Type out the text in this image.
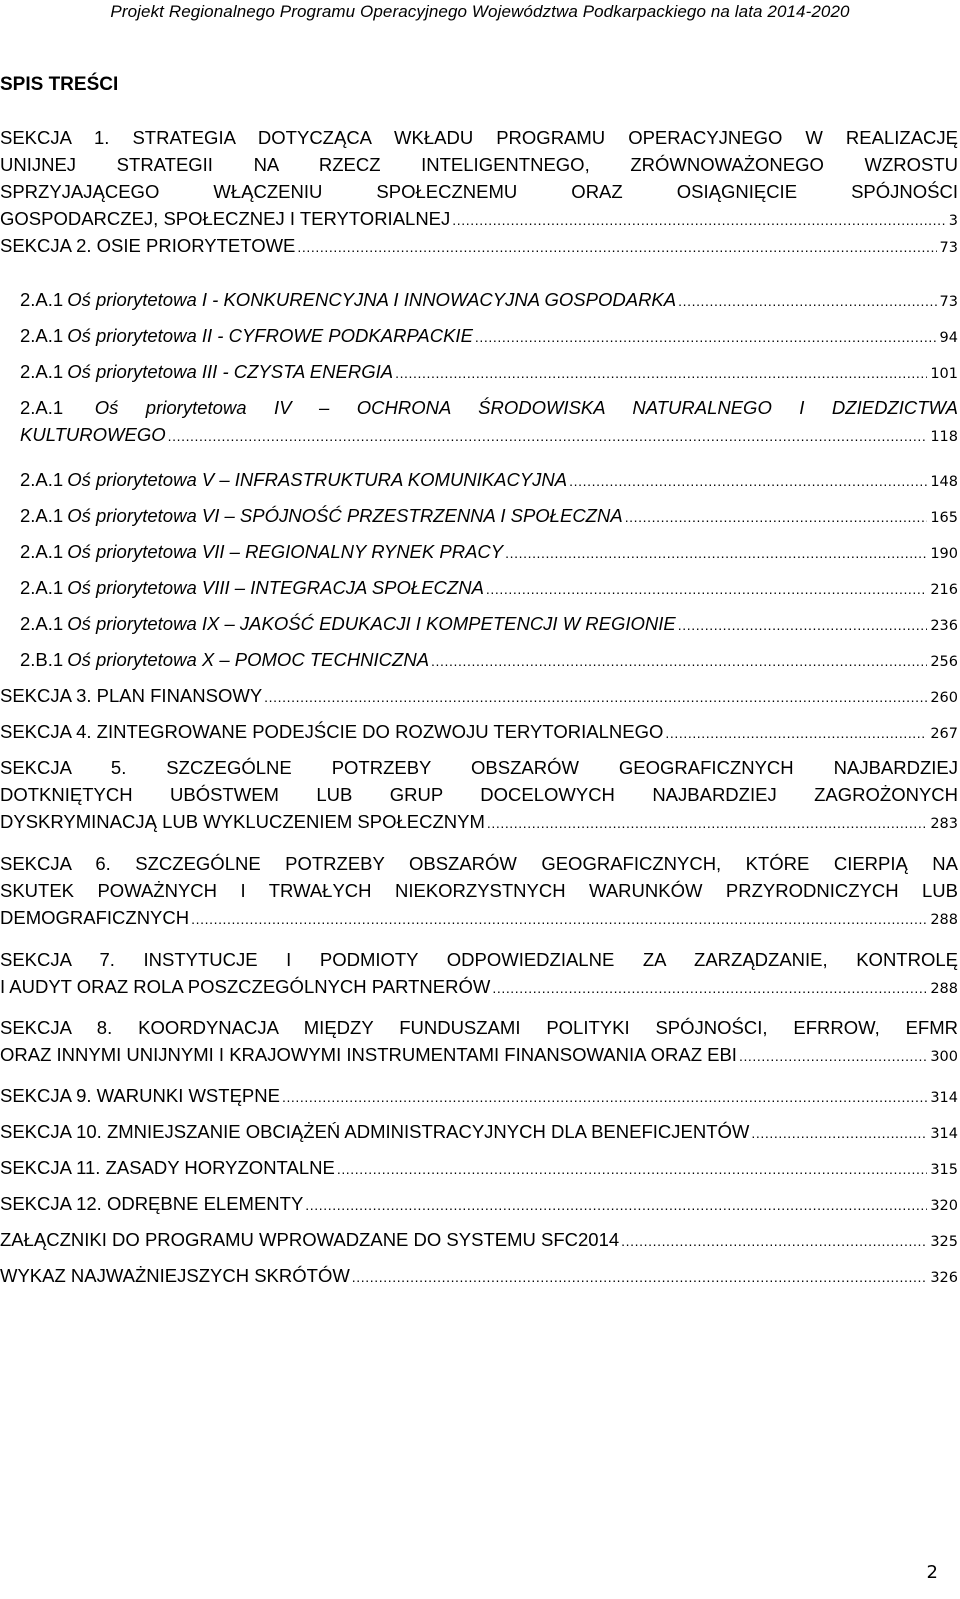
Projekt Regionalnego Programu Operacyjnego Województwa Podkarpackiego na lata 2014-2020
SPIS TREŚCI
SEKCJA 1. STRATEGIA DOTYCZĄCA WKŁADU PROGRAMU OPERACYJNEGO W REALIZACJĘ
UNIJNEJ STRATEGII NA RZECZ INTELIGENTNEGO, ZRÓWNOWAŻONEGO WZROSTU
SPRZYJAJĄCEGO WŁĄCZENIU SPOŁECZNEMU ORAZ OSIĄGNIĘCIE SPÓJNOŚCI
GOSPODARCZEJ, SPOŁECZNEJ I TERYTORIALNEJ .....	3
SEKCJA 2. OSIE PRIORYTETOWE .....	73
2.A.1 Oś priorytetowa I - KONKURENCYJNA I INNOWACYJNA GOSPODARKA .....	73
2.A.1 Oś priorytetowa II - CYFROWE PODKARPACKIE .....	94
2.A.1 Oś priorytetowa III - CZYSTA ENERGIA .....	101
2.A.1 Oś priorytetowa IV – OCHRONA ŚRODOWISKA NATURALNEGO I DZIEDZICTWA
KULTUROWEGO .....	118
2.A.1 Oś priorytetowa V – INFRASTRUKTURA KOMUNIKACYJNA .....	148
2.A.1 Oś priorytetowa VI – SPÓJNOŚĆ PRZESTRZENNA I SPOŁECZNA .....	165
2.A.1 Oś priorytetowa VII – REGIONALNY RYNEK PRACY .....	190
2.A.1 Oś priorytetowa VIII – INTEGRACJA SPOŁECZNA .....	216
2.A.1 Oś priorytetowa IX – JAKOŚĆ EDUKACJI I KOMPETENCJI W REGIONIE .....	236
2.B.1 Oś priorytetowa X – POMOC TECHNICZNA .....	256
SEKCJA 3. PLAN FINANSOWY .....	260
SEKCJA 4. ZINTEGROWANE PODEJŚCIE DO ROZWOJU TERYTORIALNEGO .....	267
SEKCJA 5. SZCZEGÓLNE POTRZEBY OBSZARÓW GEOGRAFICZNYCH NAJBARDZIEJ
DOTKNIĘTYCH UBÓSTWEM LUB GRUP DOCELOWYCH NAJBARDZIEJ ZAGROŻONYCH
DYSKRYMINACJĄ LUB WYKLUCZENIEM SPOŁECZNYM .....	283
SEKCJA 6. SZCZEGÓLNE POTRZEBY OBSZARÓW GEOGRAFICZNYCH, KTÓRE CIERPIĄ NA
SKUTEK POWAŻNYCH I TRWAŁYCH NIEKORZYSTNYCH WARUNKÓW PRZYRODNICZYCH LUB
DEMOGRAFICZNYCH .....	288
SEKCJA 7. INSTYTUCJE I PODMIOTY ODPOWIEDZIALNE ZA ZARZĄDZANIE, KONTROLĘ
I AUDYT ORAZ ROLA POSZCZEGÓLNYCH PARTNERÓW .....	288
SEKCJA 8. KOORDYNACJA MIĘDZY FUNDUSZAMI POLITYKI SPÓJNOŚCI, EFRROW, EFMR
ORAZ INNYMI UNIJNYMI I KRAJOWYMI INSTRUMENTAMI FINANSOWANIA ORAZ EBI .....	300
SEKCJA 9. WARUNKI WSTĘPNE .....	314
SEKCJA 10. ZMNIEJSZANIE OBCIĄŻEŃ ADMINISTRACYJNYCH DLA BENEFICJENTÓW .....	314
SEKCJA 11. ZASADY HORYZONTALNE .....	315
SEKCJA 12. ODRĘBNE ELEMENTY .....	320
ZAŁĄCZNIKI DO PROGRAMU WPROWADZANE DO SYSTEMU SFC2014 .....	325
WYKAZ NAJWAŻNIEJSZYCH SKRÓTÓW .....	326
2
